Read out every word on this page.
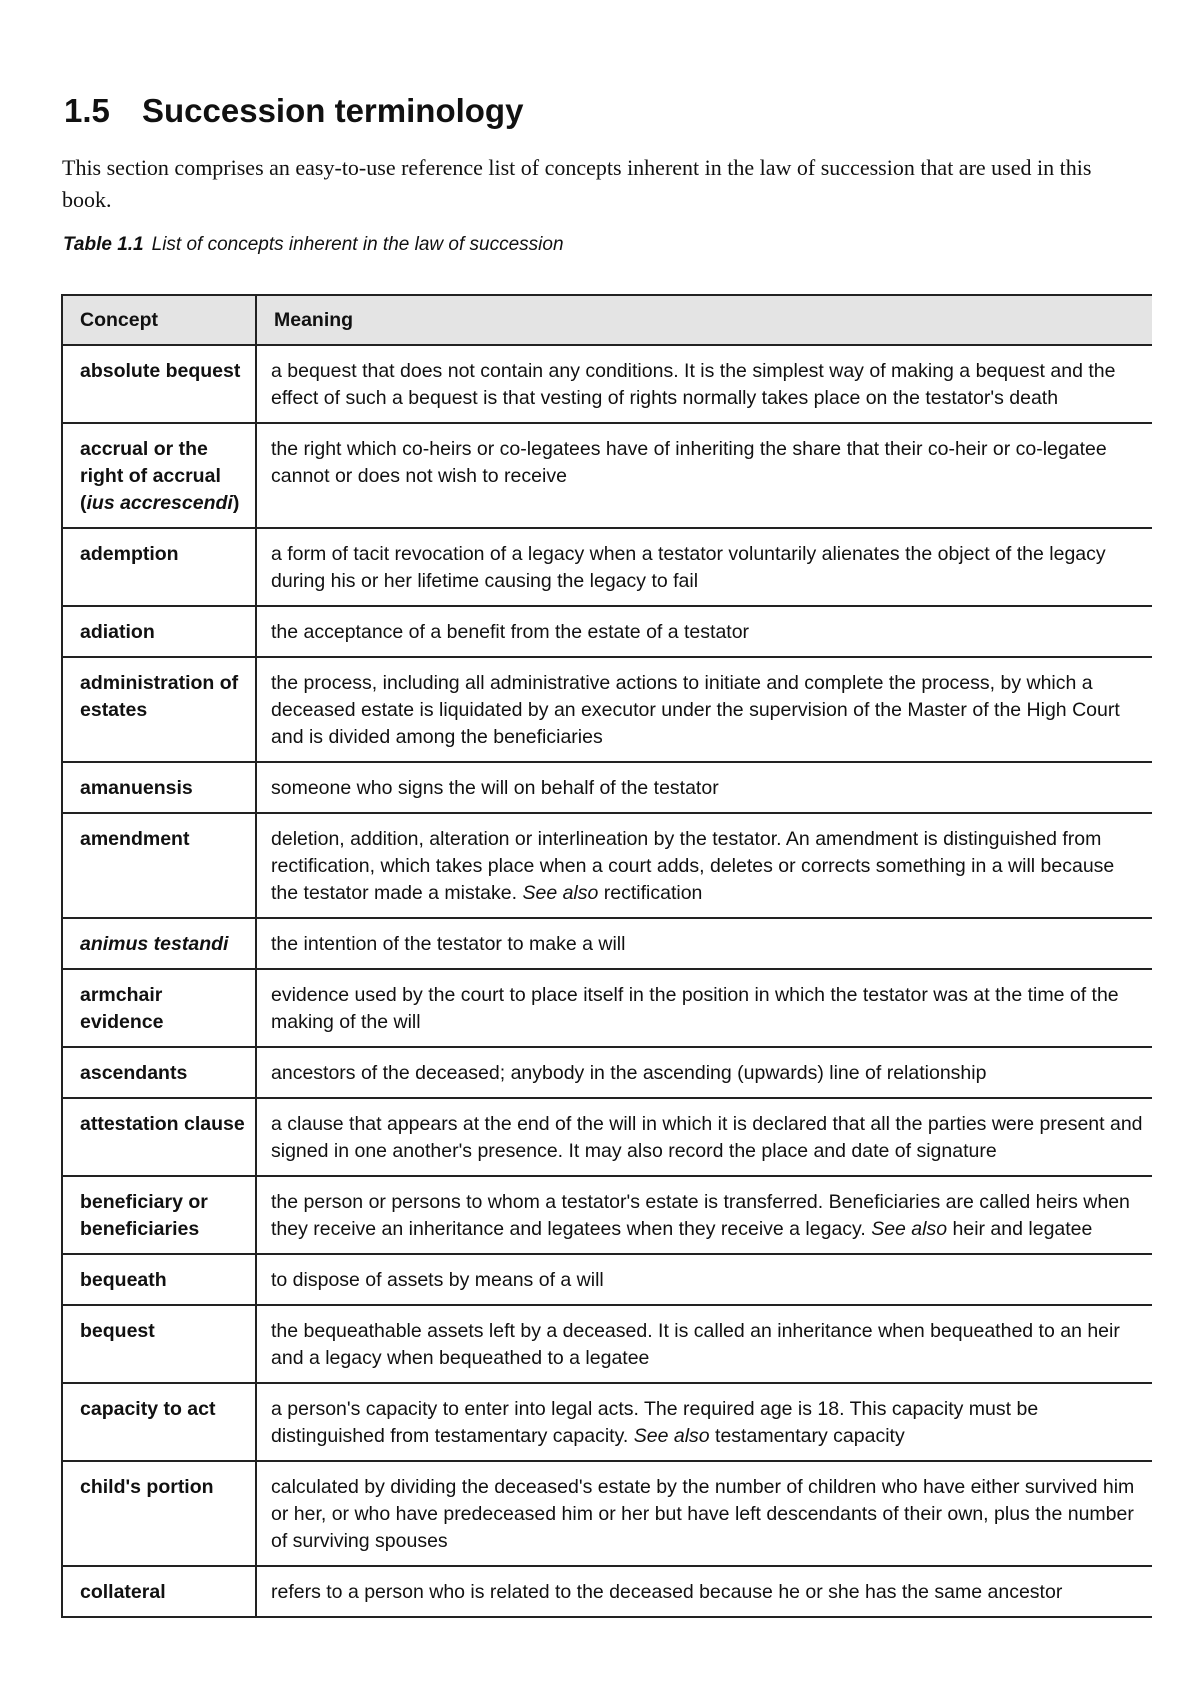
1.5 Succession terminology

This section comprises an easy-to-use reference list of concepts inherent in the law of succession that are used in this book.

Table 1.1 List of concepts inherent in the law of succession

Concept	Meaning
absolute bequest	a bequest that does not contain any conditions. It is the simplest way of making a bequest and the effect of such a bequest is that vesting of rights normally takes place on the testator's death
accrual or the right of accrual (ius accrescendi)	the right which co-heirs or co-legatees have of inheriting the share that their co-heir or co-legatee cannot or does not wish to receive
ademption	a form of tacit revocation of a legacy when a testator voluntarily alienates the object of the legacy during his or her lifetime causing the legacy to fail
adiation	the acceptance of a benefit from the estate of a testator
administration of estates	the process, including all administrative actions to initiate and complete the process, by which a deceased estate is liquidated by an executor under the supervision of the Master of the High Court and is divided among the beneficiaries
amanuensis	someone who signs the will on behalf of the testator
amendment	deletion, addition, alteration or interlineation by the testator. An amendment is distinguished from rectification, which takes place when a court adds, deletes or corrects something in a will because the testator made a mistake. See also rectification
animus testandi	the intention of the testator to make a will
armchair evidence	evidence used by the court to place itself in the position in which the testator was at the time of the making of the will
ascendants	ancestors of the deceased; anybody in the ascending (upwards) line of relationship
attestation clause	a clause that appears at the end of the will in which it is declared that all the parties were present and signed in one another's presence. It may also record the place and date of signature
beneficiary or beneficiaries	the person or persons to whom a testator's estate is transferred. Beneficiaries are called heirs when they receive an inheritance and legatees when they receive a legacy. See also heir and legatee
bequeath	to dispose of assets by means of a will
bequest	the bequeathable assets left by a deceased. It is called an inheritance when bequeathed to an heir and a legacy when bequeathed to a legatee
capacity to act	a person's capacity to enter into legal acts. The required age is 18. This capacity must be distinguished from testamentary capacity. See also testamentary capacity
child's portion	calculated by dividing the deceased's estate by the number of children who have either survived him or her, or who have predeceased him or her but have left descendants of their own, plus the number of surviving spouses
collateral	refers to a person who is related to the deceased because he or she has the same ancestor
